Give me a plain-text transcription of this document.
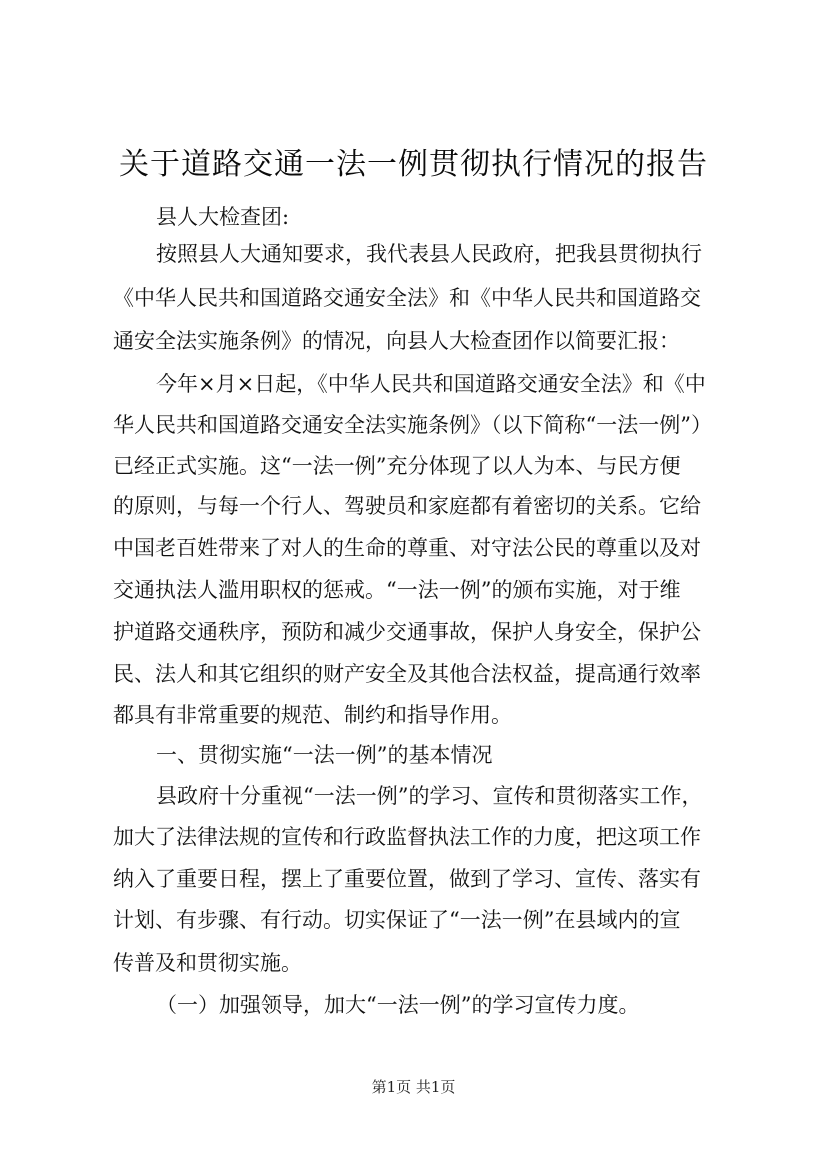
关于道路交通一法一例贯彻执行情况的报告
县人大检查团:
按照县人大通知要求，我代表县人民政府，把我县贯彻执行
《中华人民共和国道路交通安全法》和《中华人民共和国道路交
通安全法实施条例》的情况，向县人大检查团作以简要汇报：
今年×月×日起，《中华人民共和国道路交通安全法》和《中
华人民共和国道路交通安全法实施条例》（以下简称“一法一例”）
已经正式实施。这“一法一例”充分体现了以人为本、与民方便
的原则，与每一个行人、驾驶员和家庭都有着密切的关系。它给
中国老百姓带来了对人的生命的尊重、对守法公民的尊重以及对
交通执法人滥用职权的惩戒。“一法一例”的颁布实施，对于维
护道路交通秩序，预防和减少交通事故，保护人身安全，保护公
民、法人和其它组织的财产安全及其他合法权益，提高通行效率
都具有非常重要的规范、制约和指导作用。
一、贯彻实施“一法一例”的基本情况
县政府十分重视“一法一例”的学习、宣传和贯彻落实工作，
加大了法律法规的宣传和行政监督执法工作的力度，把这项工作
纳入了重要日程，摆上了重要位置，做到了学习、宣传、落实有
计划、有步骤、有行动。切实保证了“一法一例”在县域内的宣
传普及和贯彻实施。
（一）加强领导，加大“一法一例”的学习宣传力度。
第1页 共1页
